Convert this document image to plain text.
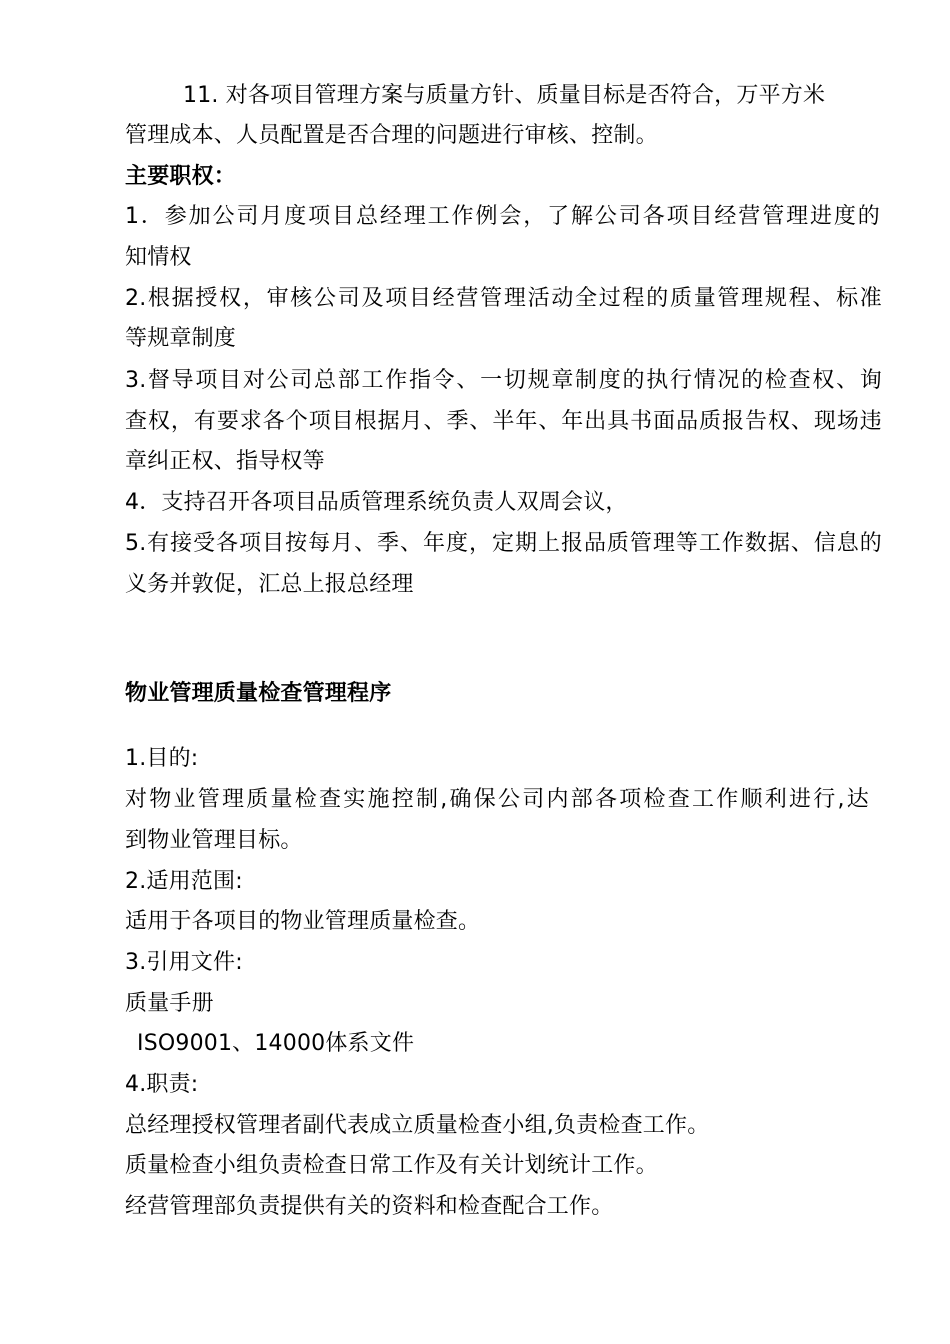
11. 对各项目管理方案与质量方针、质量目标是否符合，万平方米
管理成本、人员配置是否合理的问题进行审核、控制。
主要职权：
1．参加公司月度项目总经理工作例会，了解公司各项目经营管理进度的
知情权
2.根据授权，审核公司及项目经营管理活动全过程的质量管理规程、标准
等规章制度
3.督导项目对公司总部工作指令、一切规章制度的执行情况的检查权、询
查权，有要求各个项目根据月、季、半年、年出具书面品质报告权、现场违
章纠正权、指导权等
4．支持召开各项目品质管理系统负责人双周会议，
5.有接受各项目按每月、季、年度，定期上报品质管理等工作数据、信息的
义务并敦促，汇总上报总经理
物业管理质量检查管理程序
1.目的:
对物业管理质量检查实施控制,确保公司内部各项检查工作顺利进行,达
到物业管理目标。
2.适用范围:
适用于各项目的物业管理质量检查。
3.引用文件:
质量手册
ISO9001、14000体系文件
4.职责:
总经理授权管理者副代表成立质量检查小组,负责检查工作。
质量检查小组负责检查日常工作及有关计划统计工作。
经营管理部负责提供有关的资料和检查配合工作。
